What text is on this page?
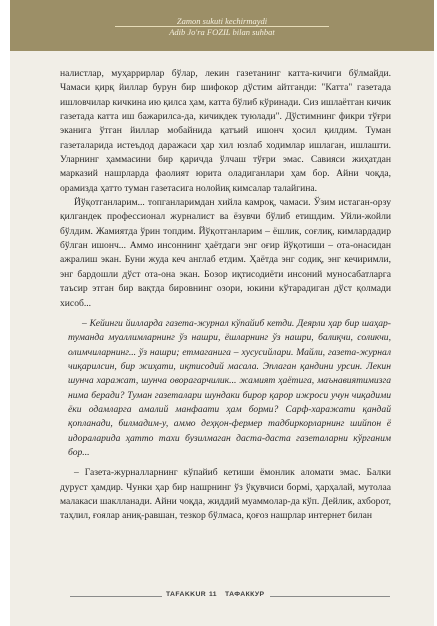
Zamon sukuti kechirmaydi
Adib Jo'ra FOZIL bilan suhbat

налистлар, муҳаррирлар бўлар, лекин газетанинг катта-кичиги бўлмайди. Чамаси қирқ йиллар бурун бир шифокор дўстим айтганди: "Катта" газетада ишловчилар кичкина ию қилса ҳам, катта бўлиб кўринади. Сиз ишлаётган кичик газетада катта иш бажарилса-да, кичикдек туюлади". Дўстимнинг фикри тўғри эканига ўтган йиллар мобайнида қатъий ишонч ҳосил қилдим. Туман газеталарида истеъдод даражаси ҳар хил юзлаб ходимлар ишлаган, ишлашти. Уларнинг ҳаммасини бир қаричда ўлчаш тўғри эмас. Савияси жиҳатдан марказий нашрларда фаолият юрита оладиганлари ҳам бор. Айни чоқда, орамизда ҳатто туман газетасига нолойиқ кимсалар талайгина.

Йўқотганларим... топганларимдан хийла камроқ, чамаси. Ўзим истаган-орзу қилгандек профессионал журналист ва ёзувчи бўлиб етишдим. Уйли-жойли бўлдим. Жамиятда ўрин топдим. Йўқотганларим – ёшлик, соғлиқ, кимлардадир бўлган ишонч... Аммо инсоннинг ҳаётдаги энг оғир йўқотиши – ота-онасидан ажралиш экан. Буни жуда кеч англаб етдим. Ҳаётда энг содиқ, энг кечиримли, энг бардошли дўст ота-она экан. Бозор иқтисодиёти инсоний муносабатларга таъсир этган бир вақтда бировнинг озори, юкини кўтарадиган дўст қолмади хисоб...

– Кейинги йилларда газета-журнал кўпайиб кетди. Деярли ҳар бир шаҳар-туманда муаллимларнинг ўз нашри, ёшларнинг ўз нашри, балиқчи, соликчи, олимчиларнинг... ўз нашри; етмаганига – хусусийлари. Майли, газета-журнал чиқарилсин, бир жиҳати, иқтисодий масала. Эплаган қандини урсин. Лекин шунча харажат, шунча оворагарчилик... жамият ҳаётига, маънавиятимизга нима беради? Туман газеталари шундаки бирор қарор ижроси учун чиқадими ёки одамларга амалий манфаати ҳам борми? Сарф-харажати қандай қопланади, билмадим-у, аммо деҳқон-фермер тадбиркорларнинг шийпон ё идораларида ҳатто тахи бузилмаган даста-даста газеталарни кўрганим бор...

– Газета-журналларнинг кўпайиб кетиши ёмонлик аломати эмас. Балки дуруст ҳамдир. Чунки ҳар бир нашрнинг ўз ўқувчиси бормi, ҳарҳалай, мутолаа малакаси шаклланади. Айни чоқда, жиддий муаммолар-да кўп. Дейлик, ахборот, таҳлил, ғоялар аниқ-равшан, тезкор бўлмаса, қоғоз нашрлар интернет билан

TAFAKKUR 11 ТАФАККУР
